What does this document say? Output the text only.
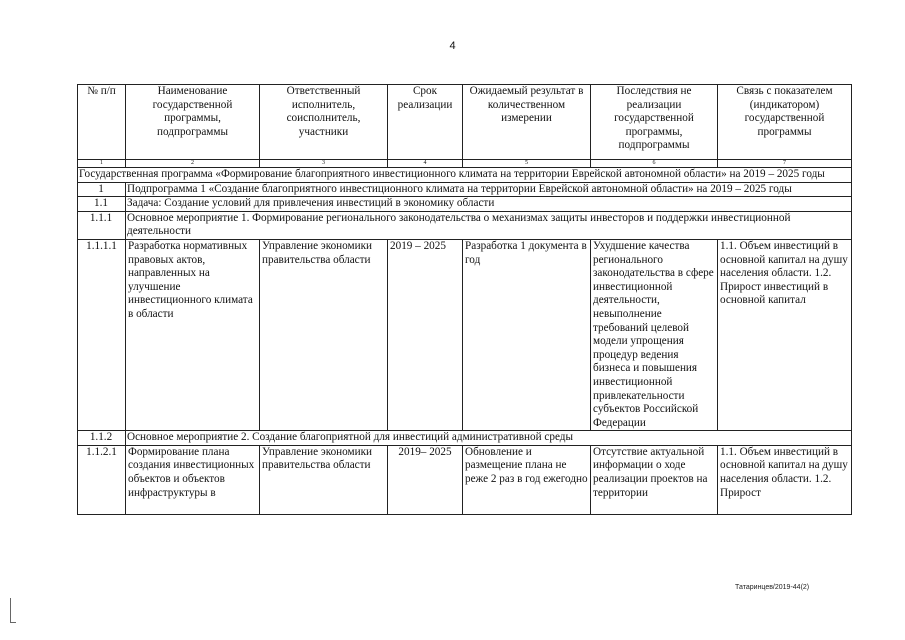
4
№ п/п	Наименование государственной программы, подпрограммы	Ответственный исполнитель, соисполнитель, участники	Срок реализации	Ожидаемый результат в количественном измерении	Последствия не реализации государственной программы, подпрограммы	Связь с показателем (индикатором) государственной программы
1	2	3	4	5	6	7
Государственная программа «Формирование благоприятного инвестиционного климата на территории Еврейской автономной области» на 2019 – 2025 годы						
1	Подпрограмма 1 «Создание благоприятного инвестиционного климата на территории Еврейской автономной области» на 2019 – 2025 годы					
1.1	Задача: Создание условий для привлечения инвестиций в экономику области					
1.1.1	Основное мероприятие 1. Формирование регионального законодательства о механизмах защиты инвесторов и поддержки инвестиционной деятельности					
1.1.1.1	Разработка нормативных правовых актов, направленных на улучшение инвестиционного климата в области	Управление экономики правительства области	2019 – 2025	Разработка 1 документа в год	Ухудшение качества регионального законодательства в сфере инвестиционной деятельности, невыполнение требований целевой модели упрощения процедур ведения бизнеса и повышения инвестиционной привлекательности субъектов Российской Федерации	1.1. Объем инвестиций в основной капитал на душу населения области. 1.2. Прирост инвестиций в основной капитал
1.1.2	Основное мероприятие 2. Создание благоприятной для инвестиций административной среды					
1.1.2.1	Формирование плана создания инвестиционных объектов и объектов инфраструктуры в	Управление экономики правительства области	2019– 2025	Обновление и размещение плана не реже 2 раз в год ежегодно	Отсутствие актуальной информации о ходе реализации проектов на территории	1.1. Объем инвестиций в основной капитал на душу населения области. 1.2. Прирост
Татаринцев/2019-44(2)
